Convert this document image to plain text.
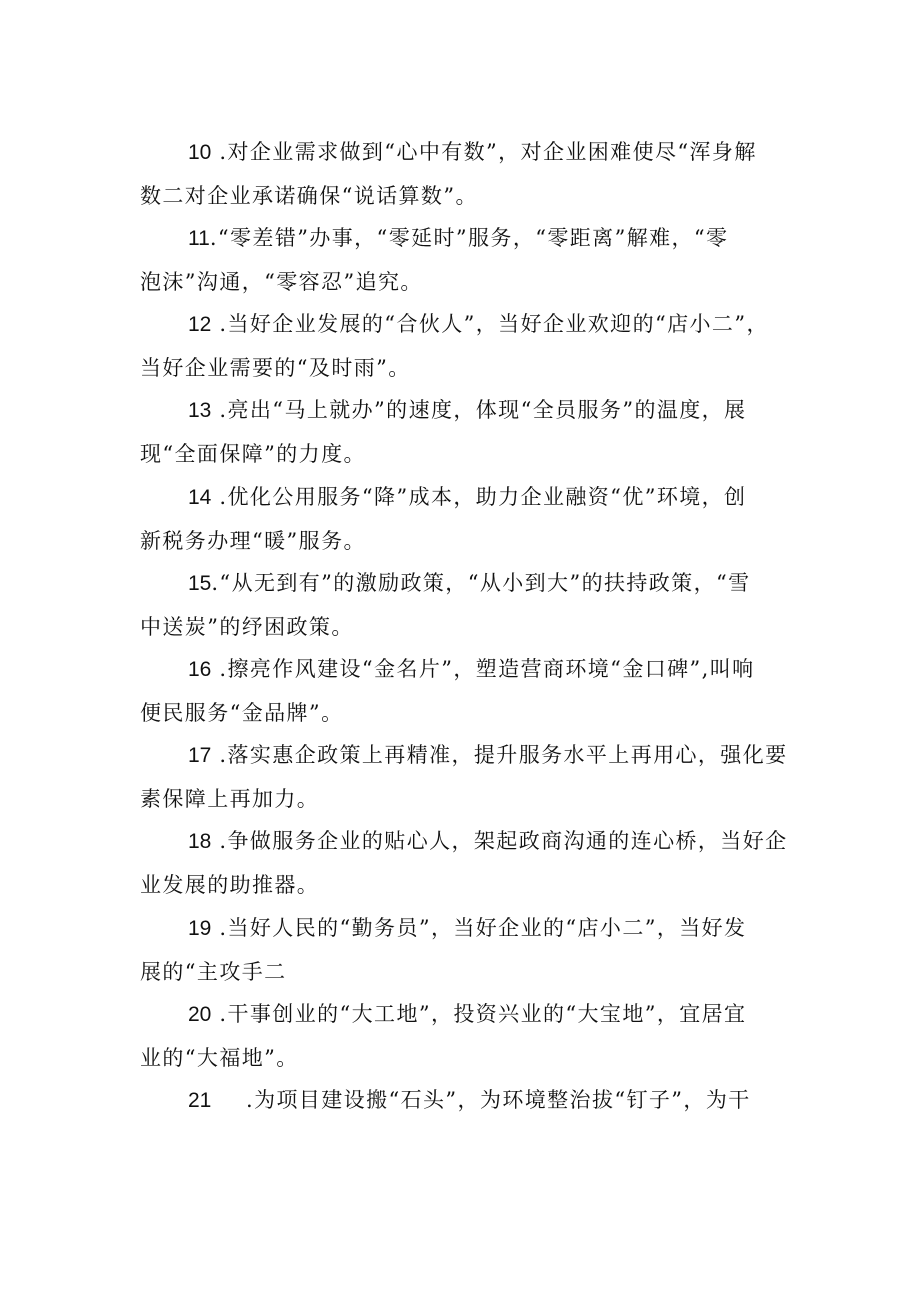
10 .对企业需求做到“心中有数”，对企业困难使尽“浑身解
数二对企业承诺确保“说话算数”。
11.“零差错”办事，“零延时”服务，“零距离”解难，“零
泡沫”沟通，“零容忍”追究。
12 .当好企业发展的“合伙人”，当好企业欢迎的“店小二”，
当好企业需要的“及时雨”。
13 .亮出“马上就办”的速度，体现“全员服务”的温度，展
现“全面保障”的力度。
14 .优化公用服务“降”成本，助力企业融资“优”环境，创
新税务办理“暖”服务。
15.“从无到有”的激励政策，“从小到大”的扶持政策，“雪
中送炭”的纾困政策。
16 .擦亮作风建设“金名片”，塑造营商环境“金口碑”,叫响
便民服务“金品牌”。
17 .落实惠企政策上再精准，提升服务水平上再用心，强化要
素保障上再加力。
18 .争做服务企业的贴心人，架起政商沟通的连心桥，当好企
业发展的助推器。
19 .当好人民的“勤务员”，当好企业的“店小二”，当好发
展的“主攻手二
20 .干事创业的“大工地”，投资兴业的“大宝地”，宜居宜
业的“大福地”。
21 .为项目建设搬“石头”，为环境整治拔“钉子”，为干
